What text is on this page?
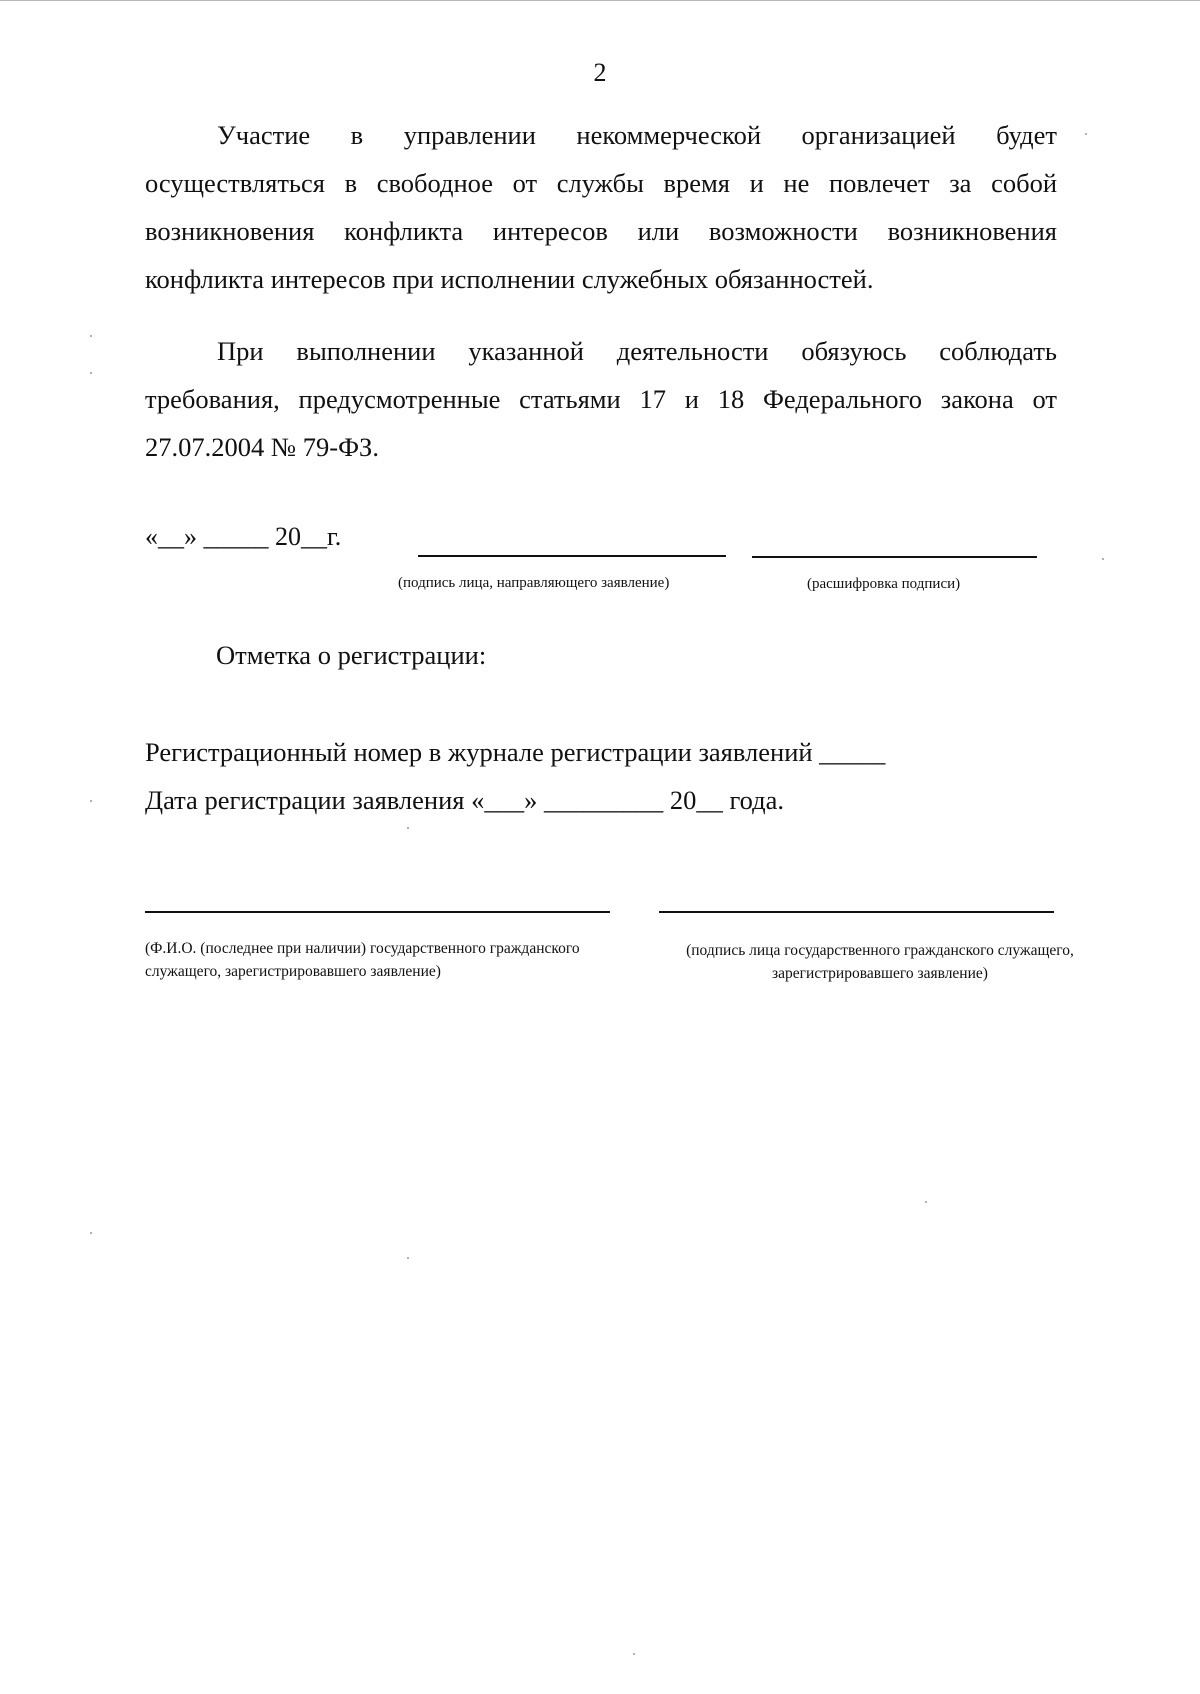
2
Участие в управлении некоммерческой организацией будет осуществляться в свободное от службы время и не повлечет за собой возникновения конфликта интересов или возможности возникновения конфликта интересов при исполнении служебных обязанностей.
При выполнении указанной деятельности обязуюсь соблюдать требования, предусмотренные статьями 17 и 18 Федерального закона от 27.07.2004 № 79-ФЗ.
«__» _____ 20__г.
(подпись лица, направляющего заявление)	(расшифровка подписи)
Отметка о регистрации:
Регистрационный номер в журнале регистрации заявлений _____
Дата регистрации заявления «___» _________ 20__ года.
(Ф.И.О. (последнее при наличии) государственного гражданского служащего, зарегистрировавшего заявление)
(подпись лица государственного гражданского служащего, зарегистрировавшего заявление)
